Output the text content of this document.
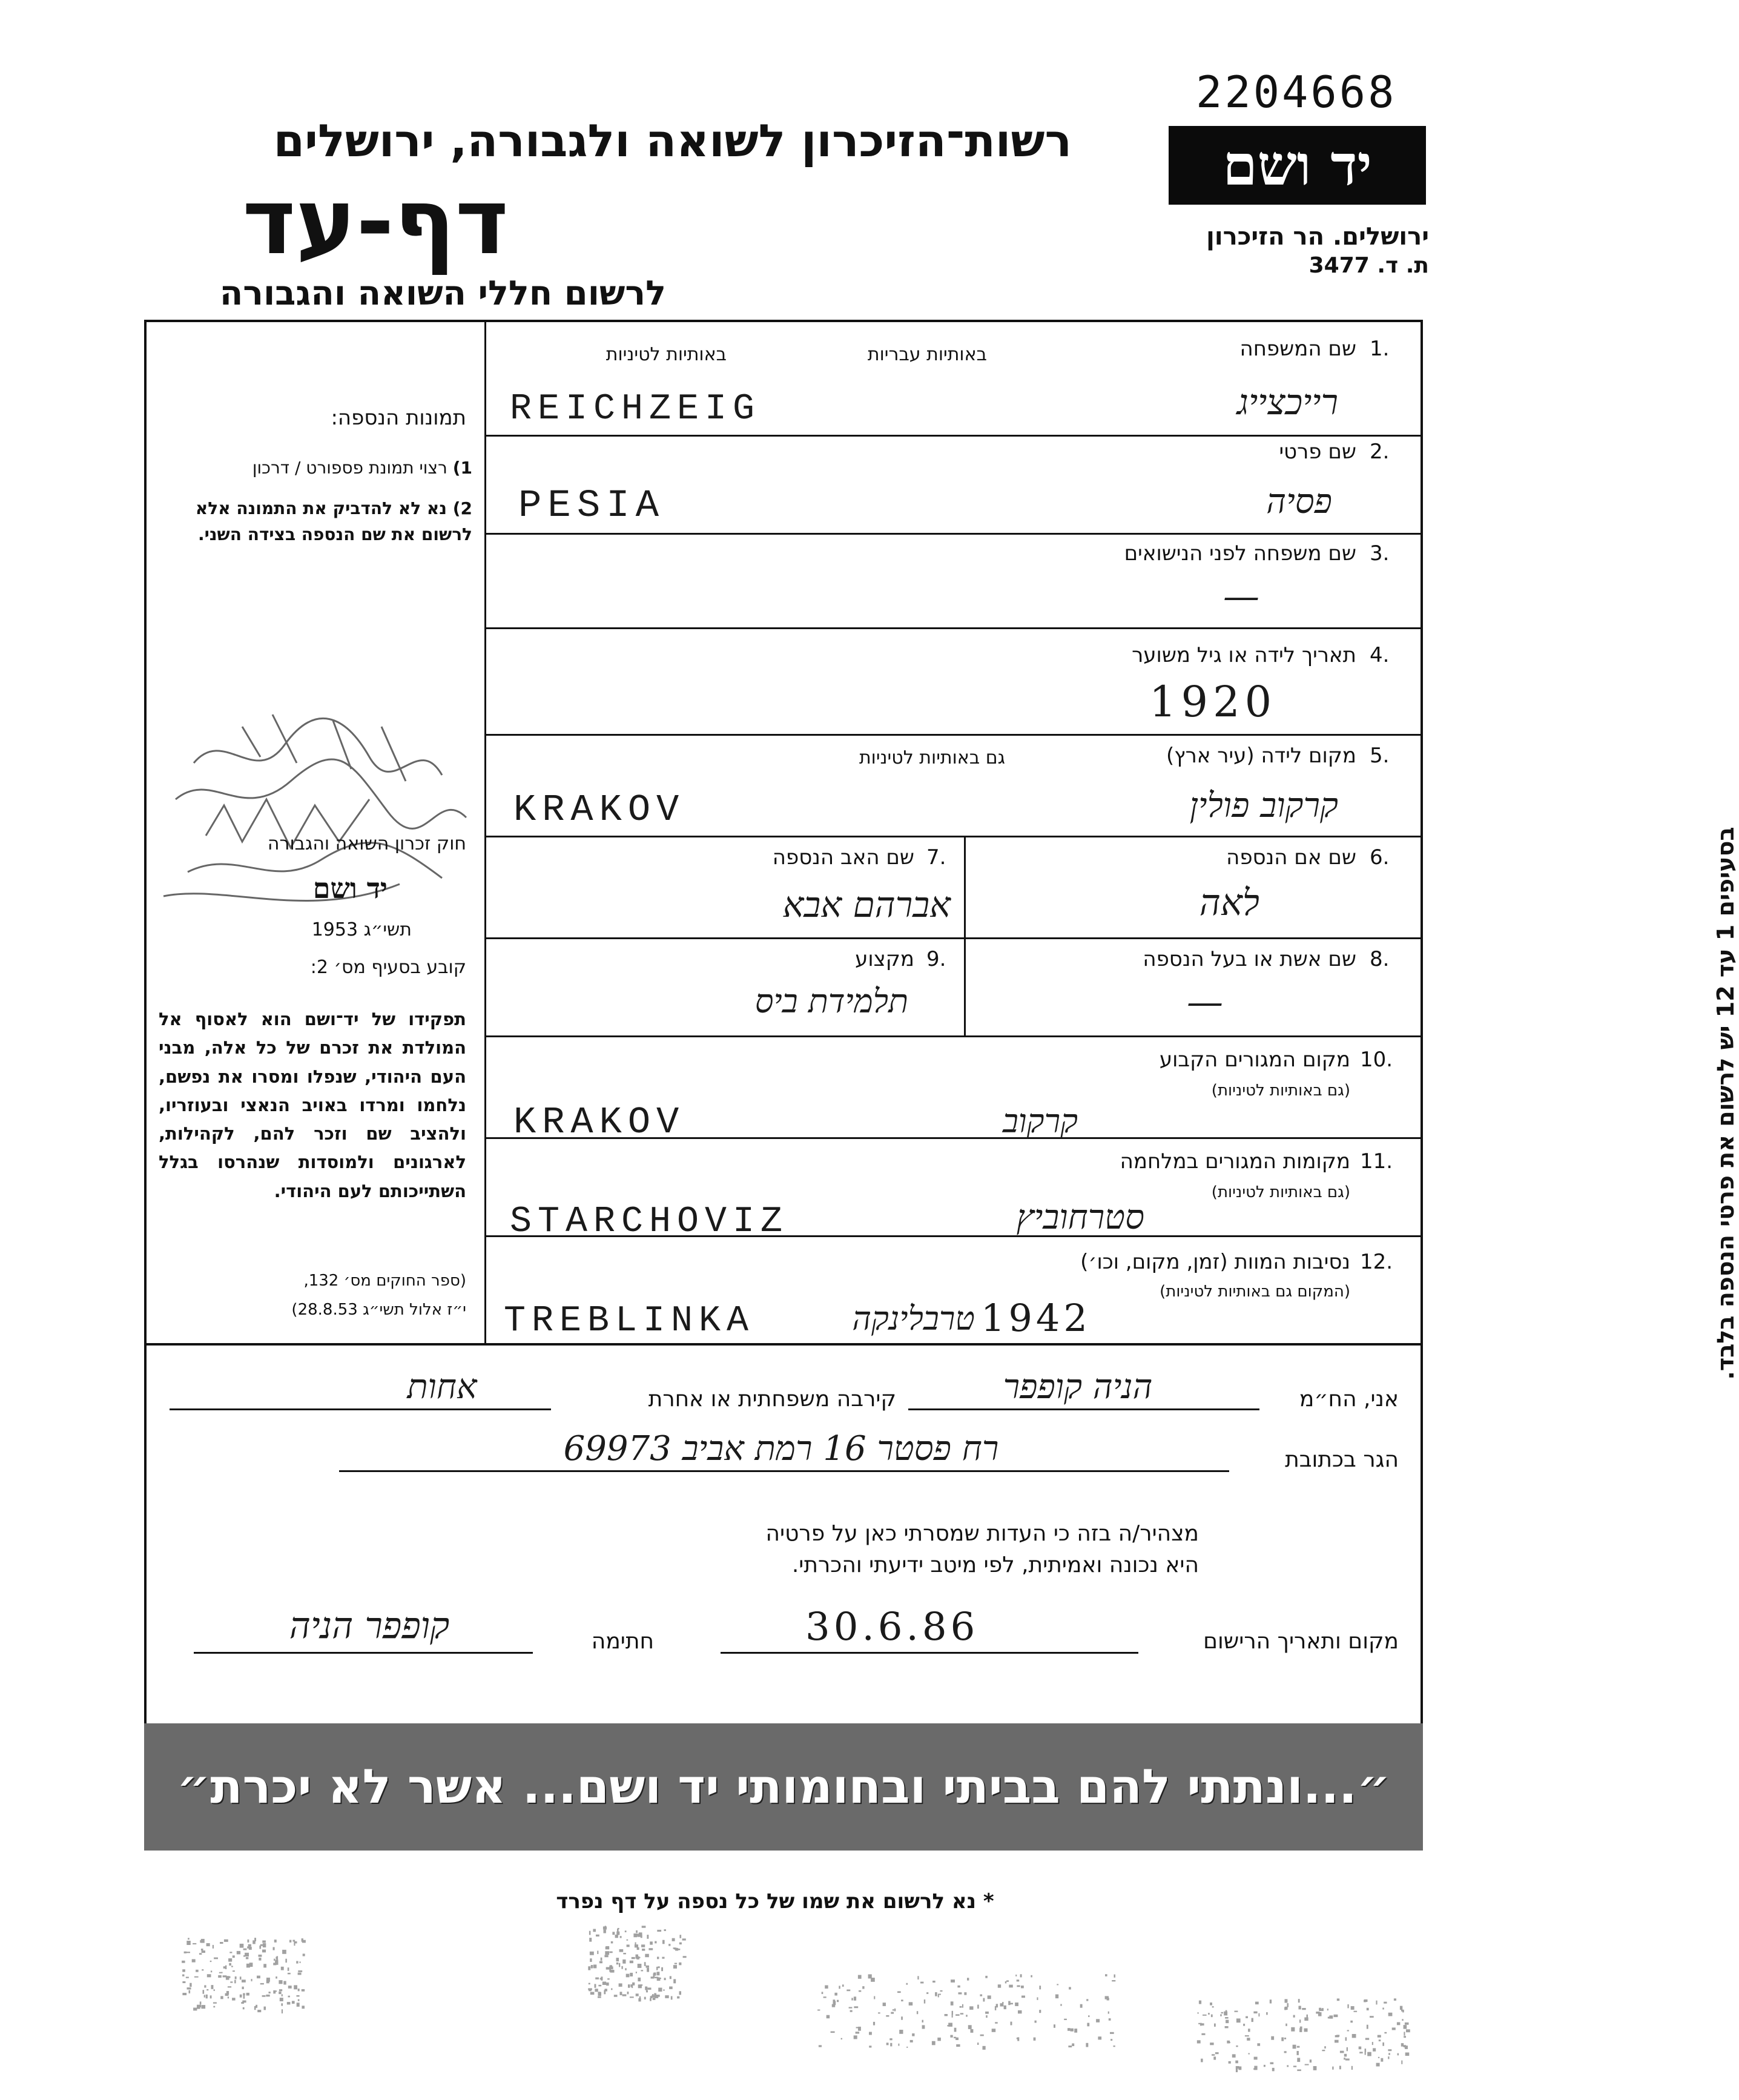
2204668
רשות־הזיכרון לשואה ולגבורה, ירושלים
דף-עד
לרשום חללי השואה והגבורה
יד ושם
ירושלים. הר הזיכרון
ת. ד. 3477
תמונות הנספה:
1) רצוי תמונת פספורט / דרכון
2) נא לא להדביק את התמונה אלא לרשום את שם הנספה בצידה השני.
חוק זכרון השואה והגבורה
יד ושם
תשי״ג 1953
קובע בסעיף מס׳ 2:
תפקידו של יד־ושם הוא לאסוף אל המולדת את זכרם של כל אלה, מבני העם היהודי, שנפלו ומסרו את נפשם, נלחמו ומרדו באויב הנאצי ובעוזריו, ולהציב שם וזכר להם, לקהילות, לארגונים ולמוסדות שנהרסו בגלל השתייכותם לעם היהודי.
(ספר החוקים מס׳ 132,
י״ז אלול תשי״ג 28.8.53)
1.
שם המשפחה
באותיות עבריות
באותיות לטיניות
רייכצייג
REICHZEIG
2.
שם פרטי
פסיה
PESIA
3.
שם משפחה לפני הנישואים
—
4.
תאריך לידה או גיל משוער
1920
5.
מקום לידה (עיר ארץ)
גם באותיות לטיניות
קרקוב פולין
KRAKOV
6.
שם אם הנספה
לאה
7.
שם האב הנספה
אברהם אבא
8.
שם אשת או בעל הנספה
—
9.
מקצוע
תלמידת ביס
10.
מקום המגורים הקבוע
(גם באותיות לטיניות)
קרקוב
KRAKOV
11.
מקומות המגורים במלחמה
(גם באותיות לטיניות)
סטרחוביץ
STARCHOVIZ
12.
נסיבות המוות (זמן, מקום, וכו׳)
(המקום גם באותיות לטיניות)
TREBLINKA	טרבלינקה 1942	בסעיפים 1 עד 12 יש לרשום את פרטי הנספה בלבד.
אני, הח״מ
הניה קופפר
קירבה משפחתית או אחרת
אחות
הגר בכתובת
רח פסטר 16 רמת אביב 69973
מצהיר/ה בזה כי העדות שמסרתי כאן על פרטיה
היא נכונה ואמיתית, לפי מיטב ידיעתי והכרתי.
מקום ותאריך הרישום
30.6.86
חתימה
קופפר הניה
״...ונתתי להם בביתי ובחומותי יד ושם... אשר לא יכרת״
* נא לרשום את שמו של כל נספה על דף נפרד
